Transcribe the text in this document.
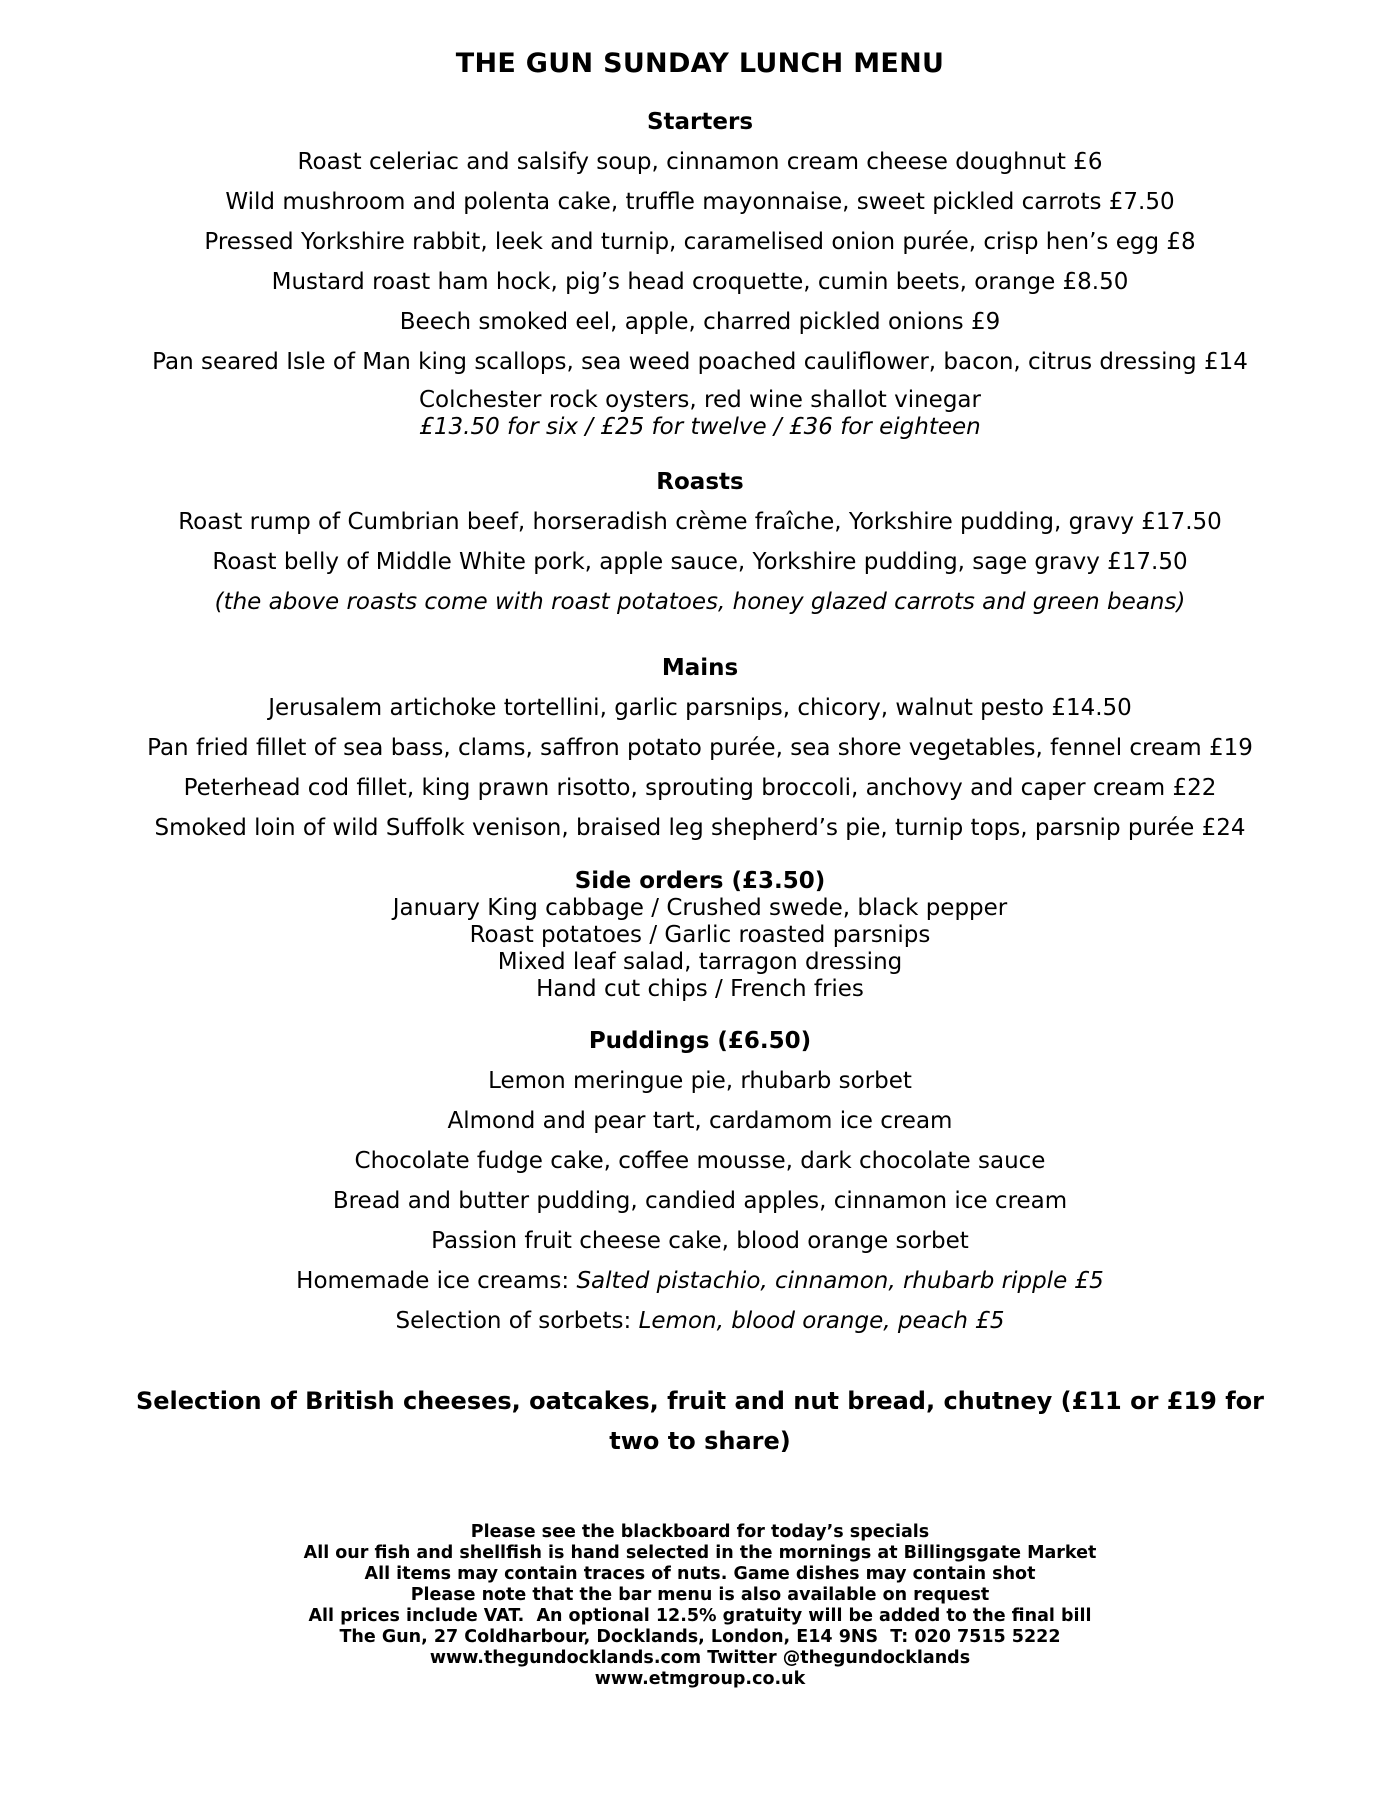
THE GUN SUNDAY LUNCH MENU
Starters
Roast celeriac and salsify soup, cinnamon cream cheese doughnut £6
Wild mushroom and polenta cake, truffle mayonnaise, sweet pickled carrots £7.50
Pressed Yorkshire rabbit, leek and turnip, caramelised onion purée, crisp hen’s egg £8
Mustard roast ham hock, pig’s head croquette, cumin beets, orange £8.50
Beech smoked eel, apple, charred pickled onions £9
Pan seared Isle of Man king scallops, sea weed poached cauliflower, bacon, citrus dressing £14
Colchester rock oysters, red wine shallot vinegar
£13.50 for six / £25 for twelve / £36 for eighteen
Roasts
Roast rump of Cumbrian beef, horseradish crème fraîche, Yorkshire pudding, gravy £17.50
Roast belly of Middle White pork, apple sauce, Yorkshire pudding, sage gravy £17.50
(the above roasts come with roast potatoes, honey glazed carrots and green beans)
Mains
Jerusalem artichoke tortellini, garlic parsnips, chicory, walnut pesto £14.50
Pan fried fillet of sea bass, clams, saffron potato purée, sea shore vegetables, fennel cream £19
Peterhead cod fillet, king prawn risotto, sprouting broccoli, anchovy and caper cream £22
Smoked loin of wild Suffolk venison, braised leg shepherd’s pie, turnip tops, parsnip purée £24
Side orders (£3.50)
January King cabbage / Crushed swede, black pepper
Roast potatoes / Garlic roasted parsnips
Mixed leaf salad, tarragon dressing
Hand cut chips / French fries
Puddings (£6.50)
Lemon meringue pie, rhubarb sorbet
Almond and pear tart, cardamom ice cream
Chocolate fudge cake, coffee mousse, dark chocolate sauce
Bread and butter pudding, candied apples, cinnamon ice cream
Passion fruit cheese cake, blood orange sorbet
Homemade ice creams: Salted pistachio, cinnamon, rhubarb ripple £5
Selection of sorbets: Lemon, blood orange, peach £5
Selection of British cheeses, oatcakes, fruit and nut bread, chutney (£11 or £19 for two to share)
Please see the blackboard for today’s specials
All our fish and shellfish is hand selected in the mornings at Billingsgate Market
All items may contain traces of nuts. Game dishes may contain shot
Please note that the bar menu is also available on request
All prices include VAT.  An optional 12.5% gratuity will be added to the final bill
The Gun, 27 Coldharbour, Docklands, London, E14 9NS  T: 020 7515 5222
www.thegundocklands.com Twitter @thegundocklands
www.etmgroup.co.uk
